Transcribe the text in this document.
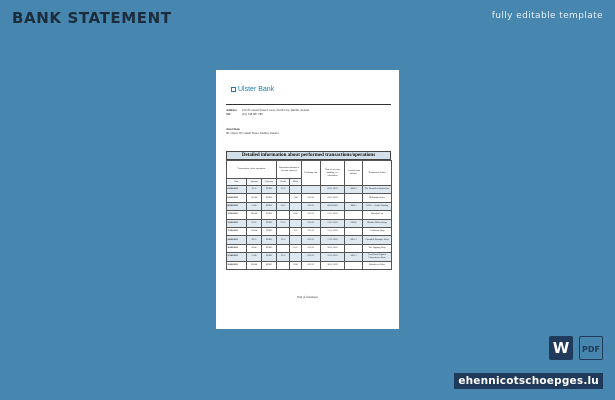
BANK STATEMENT	fully editable template
Ulster Bank
Address: # 8 O'Connell Street Lower, North City, Dublin, Ireland
Tel:	(01) 548 687 289
Ann Olsen
96, Upper O'Connell Street, Dublin, Ireland
Detailed information about performed transactions/operations
Transactions, other operations			Transaction amount in account currency		Exchange rate	Date of account booking, fee calculation	Account fund balance	Transaction details
Date	Amount	Currency	Credit	Debit				
03.08.2022	15.11	EURO	15.11			03.11.2022	4000.3	The Shambles Sandwiches
04.08.2022	120.00	EURO		7.00	0.91.41	03.11.2022		Millenium Suites
08.08.2022	13.00	EURO	13.11		0.91.31	08.09.2022	3800.1	O.D.S. - Goods Holding
11.08.2022	380.00	EURO		8.00	0.91.31	12.11.2022		Museum Lab
13.08.2022	23.11	EURO	23.11		0.91.21	13.11.2022	3700.0	Mikado Dollar Shops
15.08.2022	110.00	EURO		3.21	0.91.31	15.11.2022		Cookbook Shop
18.08.2022	43.11	EURO	13.11		0.91.21	17.11.2022	3601.1	Cinnabell Boutique Shop
20.08.2022	20.00	EURO		0.21	0.91.31	20.11.2022		The Topping Shop
25.08.2022	13.00	EURO	13.11		0.91.31	25.11.2022	3435.1	Lord Ivara Organic Convenience Store
30.08.2022	530.00	EURO		9.00	0.91.31	30.11.2022		Worldview Office
End of statement
W	PDF
ehennicotschoepges.lu
